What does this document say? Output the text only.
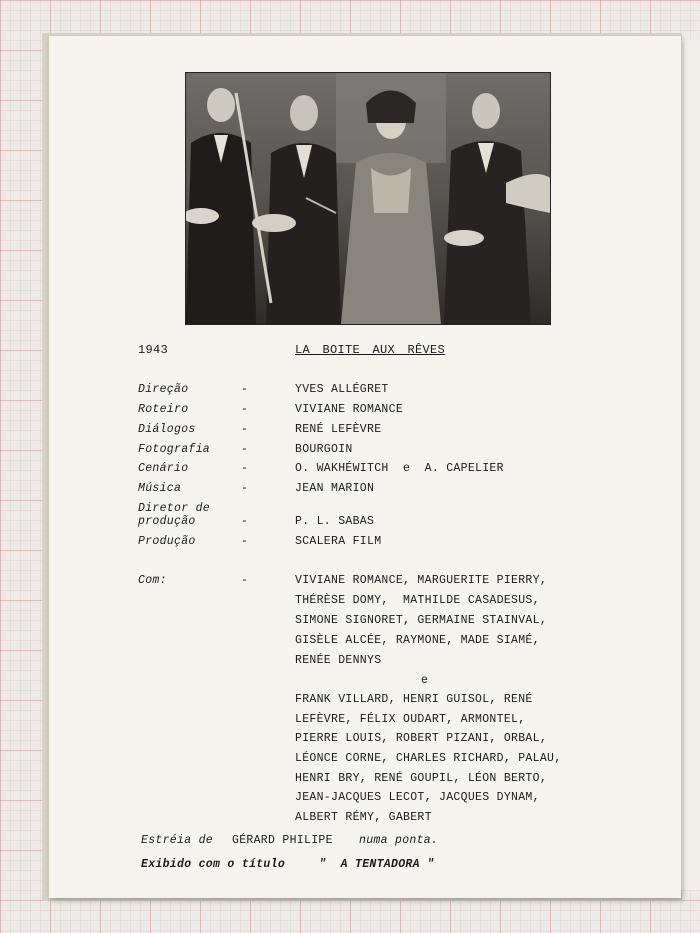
1943	LA BOITE AUX RÊVES
Direção	-	YVES ALLÉGRET
Roteiro	-	VIVIANE ROMANCE
Diálogos	-	RENÉ LEFÈVRE
Fotografia	-	BOURGOIN
Cenário	-	O. WAKHÉWITCH  e  A. CAPELIER
Música	-	JEAN MARION
Diretor de
produção	-	P. L. SABAS
Produção	-	SCALERA FILM
Com:	-	VIVIANE ROMANCE, MARGUERITE PIERRY,
THÉRÈSE DOMY,  MATHILDE CASADESUS,
SIMONE SIGNORET, GERMAINE STAINVAL,
GISÈLE ALCÉE, RAYMONE, MADE SIAMÉ,
RENÉE DENNYS
e
FRANK VILLARD, HENRI GUISOL, RENÉ
LEFÈVRE, FÉLIX OUDART, ARMONTEL,
PIERRE LOUIS, ROBERT PIZANI, ORBAL,
LÉONCE CORNE, CHARLES RICHARD, PALAU,
HENRI BRY, RENÉ GOUPIL, LÉON BERTO,
JEAN-JACQUES LECOT, JACQUES DYNAM,
ALBERT RÉMY, GABERT
Estréia de GÉRARD PHILIPE numa ponta.
Exibido com o título	"  A TENTADORA "
